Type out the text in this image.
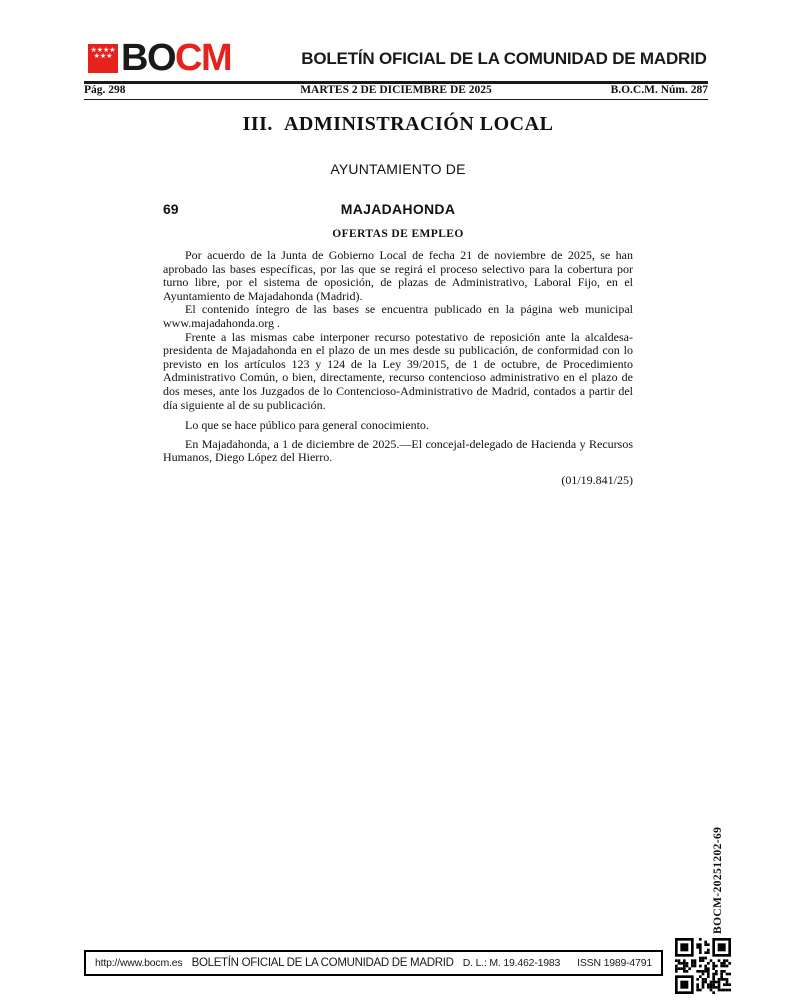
★★★★
★★★ BOCM	BOLETÍN OFICIAL DE LA COMUNIDAD DE MADRID
Pág. 298	MARTES 2 DE DICIEMBRE DE 2025	B.O.C.M. Núm. 287
III. ADMINISTRACIÓN LOCAL
AYUNTAMIENTO DE
69	MAJADAHONDA
OFERTAS DE EMPLEO

Por acuerdo de la Junta de Gobierno Local de fecha 21 de noviembre de 2025, se han aprobado las bases específicas, por las que se regirá el proceso selectivo para la cobertura por turno libre, por el sistema de oposición, de plazas de Administrativo, Laboral Fijo, en el Ayuntamiento de Majadahonda (Madrid).

El contenido íntegro de las bases se encuentra publicado en la página web municipal www.majadahonda.org .

Frente a las mismas cabe interponer recurso potestativo de reposición ante la alcaldesa-presidenta de Majadahonda en el plazo de un mes desde su publicación, de conformidad con lo previsto en los artículos 123 y 124 de la Ley 39/2015, de 1 de octubre, de Procedimiento Administrativo Común, o bien, directamente, recurso contencioso administrativo en el plazo de dos meses, ante los Juzgados de lo Contencioso-Administrativo de Madrid, contados a partir del día siguiente al de su publicación.

Lo que se hace público para general conocimiento.

En Majadahonda, a 1 de diciembre de 2025.—El concejal-delegado de Hacienda y Recursos Humanos, Diego López del Hierro.

(01/19.841/25)
BOCM-20251202-69
http://www.bocm.es BOLETÍN OFICIAL DE LA COMUNIDAD DE MADRID D. L.: M. 19.462-1983 ISSN 1989-4791
